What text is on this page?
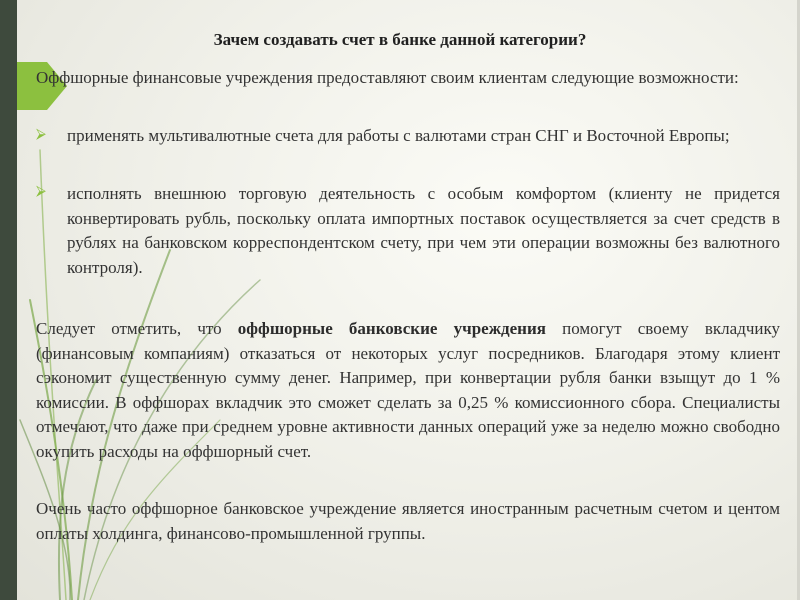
Зачем создавать счет в банке данной категории?
Оффшорные финансовые учреждения предоставляют своим клиентам следующие возможности:
⮚ применять мультивалютные счета для работы с валютами стран СНГ и Восточной Европы;
⮚ исполнять внешнюю торговую деятельность с особым комфортом (клиенту не придется конвертировать рубль, поскольку оплата импортных поставок осуществляется за счет средств в рублях на банковском корреспондентском счету, при чем эти операции возможны без валютного контроля).
Следует отметить, что оффшорные банковские учреждения помогут своему вкладчику (финансовым компаниям) отказаться от некоторых услуг посредников. Благодаря этому клиент сэкономит существенную сумму денег. Например, при конвертации рубля банки взыщут до 1 % комиссии. В оффшорах вкладчик это сможет сделать за 0,25 % комиссионного сбора. Специалисты отмечают, что даже при среднем уровне активности данных операций уже за неделю можно свободно окупить расходы на оффшорный счет.
Очень часто оффшорное банковское учреждение является иностранным расчетным счетом и центом оплаты холдинга, финансово-промышленной группы.
